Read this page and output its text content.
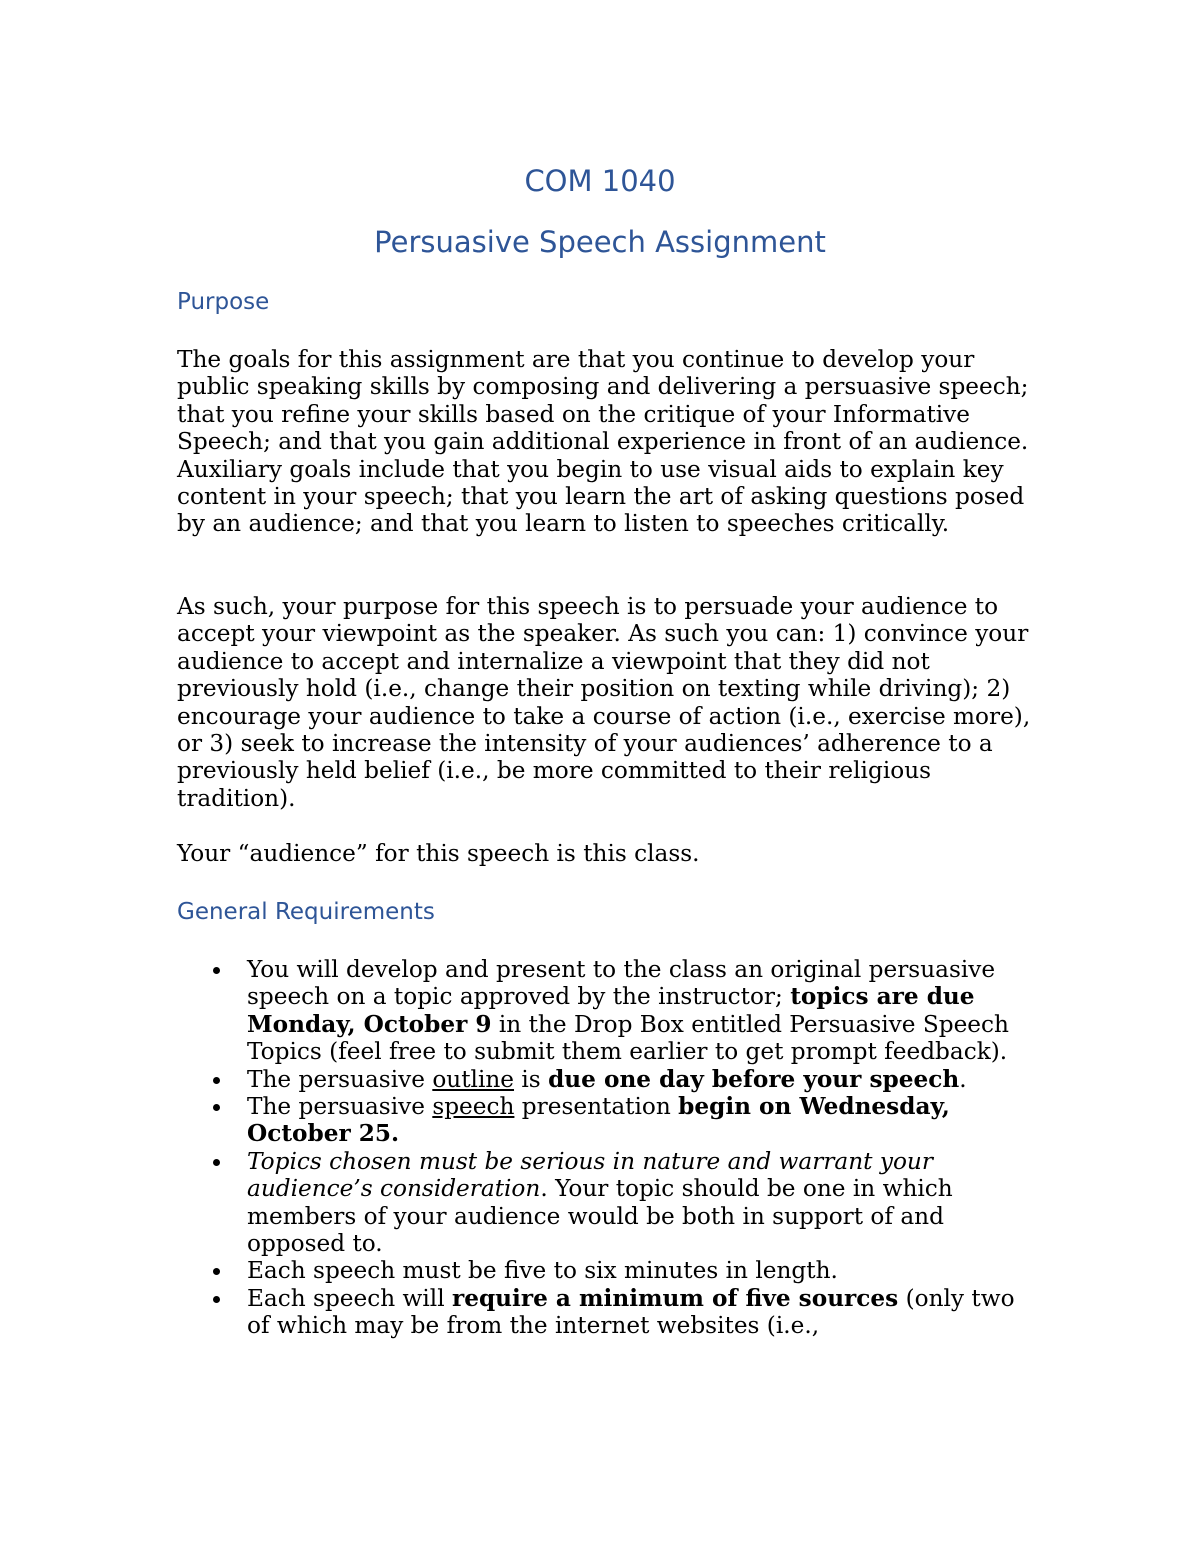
COM 1040
Persuasive Speech Assignment
Purpose

The goals for this assignment are that you continue to develop your public speaking skills by composing and delivering a persuasive speech; that you refine your skills based on the critique of your Informative Speech; and that you gain additional experience in front of an audience. Auxiliary goals include that you begin to use visual aids to explain key content in your speech; that you learn the art of asking questions posed by an audience; and that you learn to listen to speeches critically.

As such, your purpose for this speech is to persuade your audience to accept your viewpoint as the speaker. As such you can: 1) convince your audience to accept and internalize a viewpoint that they did not previously hold (i.e., change their position on texting while driving); 2) encourage your audience to take a course of action (i.e., exercise more), or 3) seek to increase the intensity of your audiences’ adherence to a previously held belief (i.e., be more committed to their religious tradition).

Your “audience” for this speech is this class.

General Requirements
You will develop and present to the class an original persuasive speech on a topic approved by the instructor; topics are due Monday, October 9 in the Drop Box entitled Persuasive Speech Topics (feel free to submit them earlier to get prompt feedback).
The persuasive outline is due one day before your speech.
The persuasive speech presentation begin on Wednesday, October 25.
Topics chosen must be serious in nature and warrant your audience’s consideration. Your topic should be one in which members of your audience would be both in support of and opposed to.
Each speech must be five to six minutes in length.
Each speech will require a minimum of five sources (only two of which may be from the internet websites (i.e.,
